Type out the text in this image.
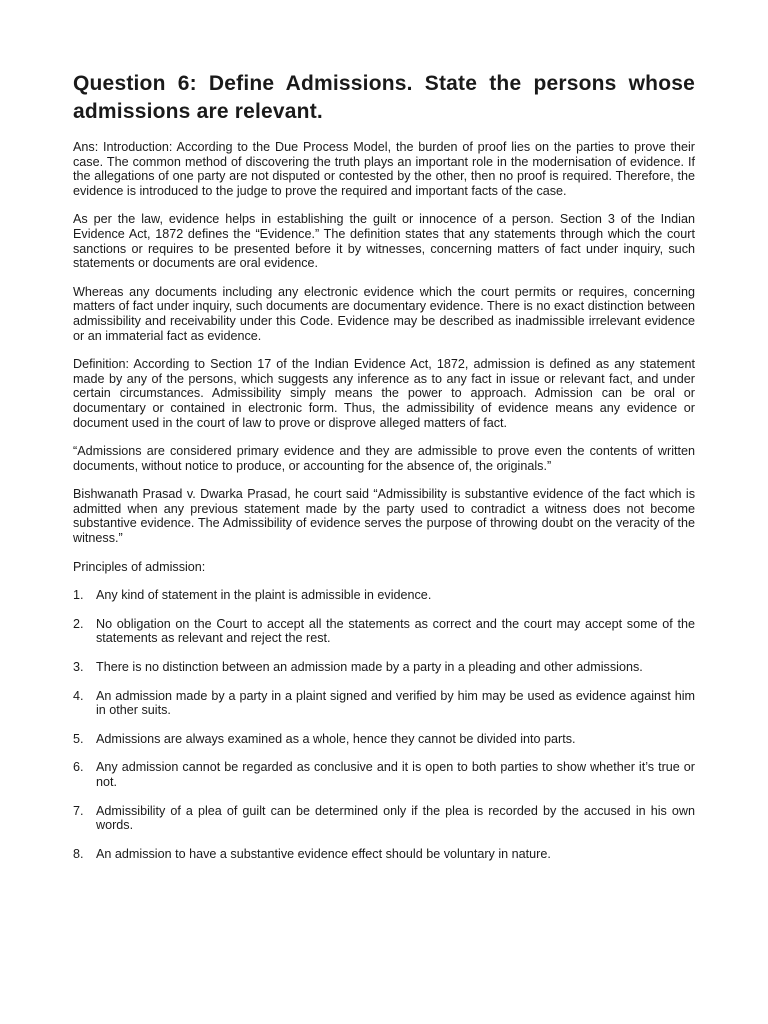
Question 6: Define Admissions. State the persons whose admissions are relevant.

Ans: Introduction: According to the Due Process Model, the burden of proof lies on the parties to prove their case. The common method of discovering the truth plays an important role in the modernisation of evidence. If the allegations of one party are not disputed or contested by the other, then no proof is required. Therefore, the evidence is introduced to the judge to prove the required and important facts of the case.

As per the law, evidence helps in establishing the guilt or innocence of a person. Section 3 of the Indian Evidence Act, 1872 defines the “Evidence.” The definition states that any statements through which the court sanctions or requires to be presented before it by witnesses, concerning matters of fact under inquiry, such statements or documents are oral evidence.

Whereas any documents including any electronic evidence which the court permits or requires, concerning matters of fact under inquiry, such documents are documentary evidence. There is no exact distinction between admissibility and receivability under this Code. Evidence may be described as inadmissible irrelevant evidence or an immaterial fact as evidence.

Definition: According to Section 17 of the Indian Evidence Act, 1872, admission is defined as any statement made by any of the persons, which suggests any inference as to any fact in issue or relevant fact, and under certain circumstances. Admissibility simply means the power to approach. Admission can be oral or documentary or contained in electronic form. Thus, the admissibility of evidence means any evidence or document used in the court of law to prove or disprove alleged matters of fact.

“Admissions are considered primary evidence and they are admissible to prove even the contents of written documents, without notice to produce, or accounting for the absence of, the originals.”

Bishwanath Prasad v. Dwarka Prasad, he court said “Admissibility is substantive evidence of the fact which is admitted when any previous statement made by the party used to contradict a witness does not become substantive evidence. The Admissibility of evidence serves the purpose of throwing doubt on the veracity of the witness.”

Principles of admission:

1. Any kind of statement in the plaint is admissible in evidence.
2. No obligation on the Court to accept all the statements as correct and the court may accept some of the statements as relevant and reject the rest.
3. There is no distinction between an admission made by a party in a pleading and other admissions.
4. An admission made by a party in a plaint signed and verified by him may be used as evidence against him in other suits.
5. Admissions are always examined as a whole, hence they cannot be divided into parts.
6. Any admission cannot be regarded as conclusive and it is open to both parties to show whether it’s true or not.
7. Admissibility of a plea of guilt can be determined only if the plea is recorded by the accused in his own words.
8. An admission to have a substantive evidence effect should be voluntary in nature.
